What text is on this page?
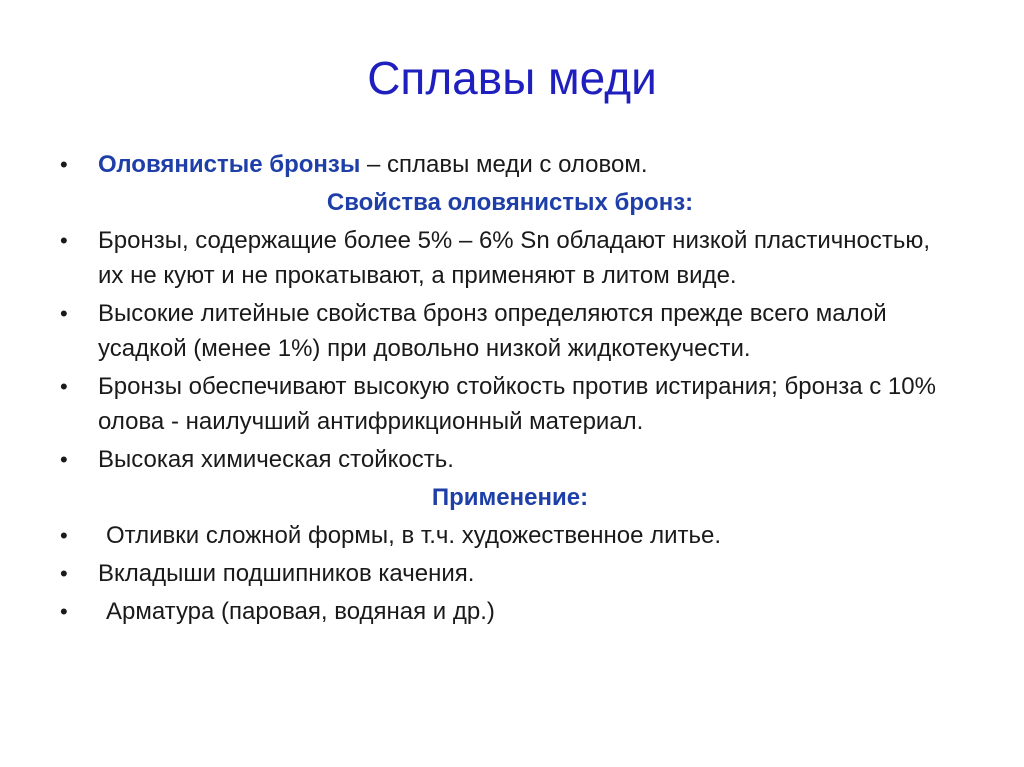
Сплавы меди
•	Оловянистые бронзы – сплавы меди с оловом.
Свойства оловянистых бронз:
•	Бронзы, содержащие более 5% – 6% Sn обладают низкой пластичностью, их не куют и не прокатывают, а применяют в литом виде.
•	Высокие литейные свойства бронз определяются прежде всего малой усадкой (менее 1%) при довольно низкой жидкотекучести.
•	Бронзы обеспечивают высокую стойкость против истирания; бронза с 10% олова - наилучший антифрикционный материал.
•	Высокая химическая стойкость.
Применение:
•	Отливки сложной формы, в т.ч. художественное литье.
•	Вкладыши подшипников качения.
•	Арматура (паровая, водяная и др.)
